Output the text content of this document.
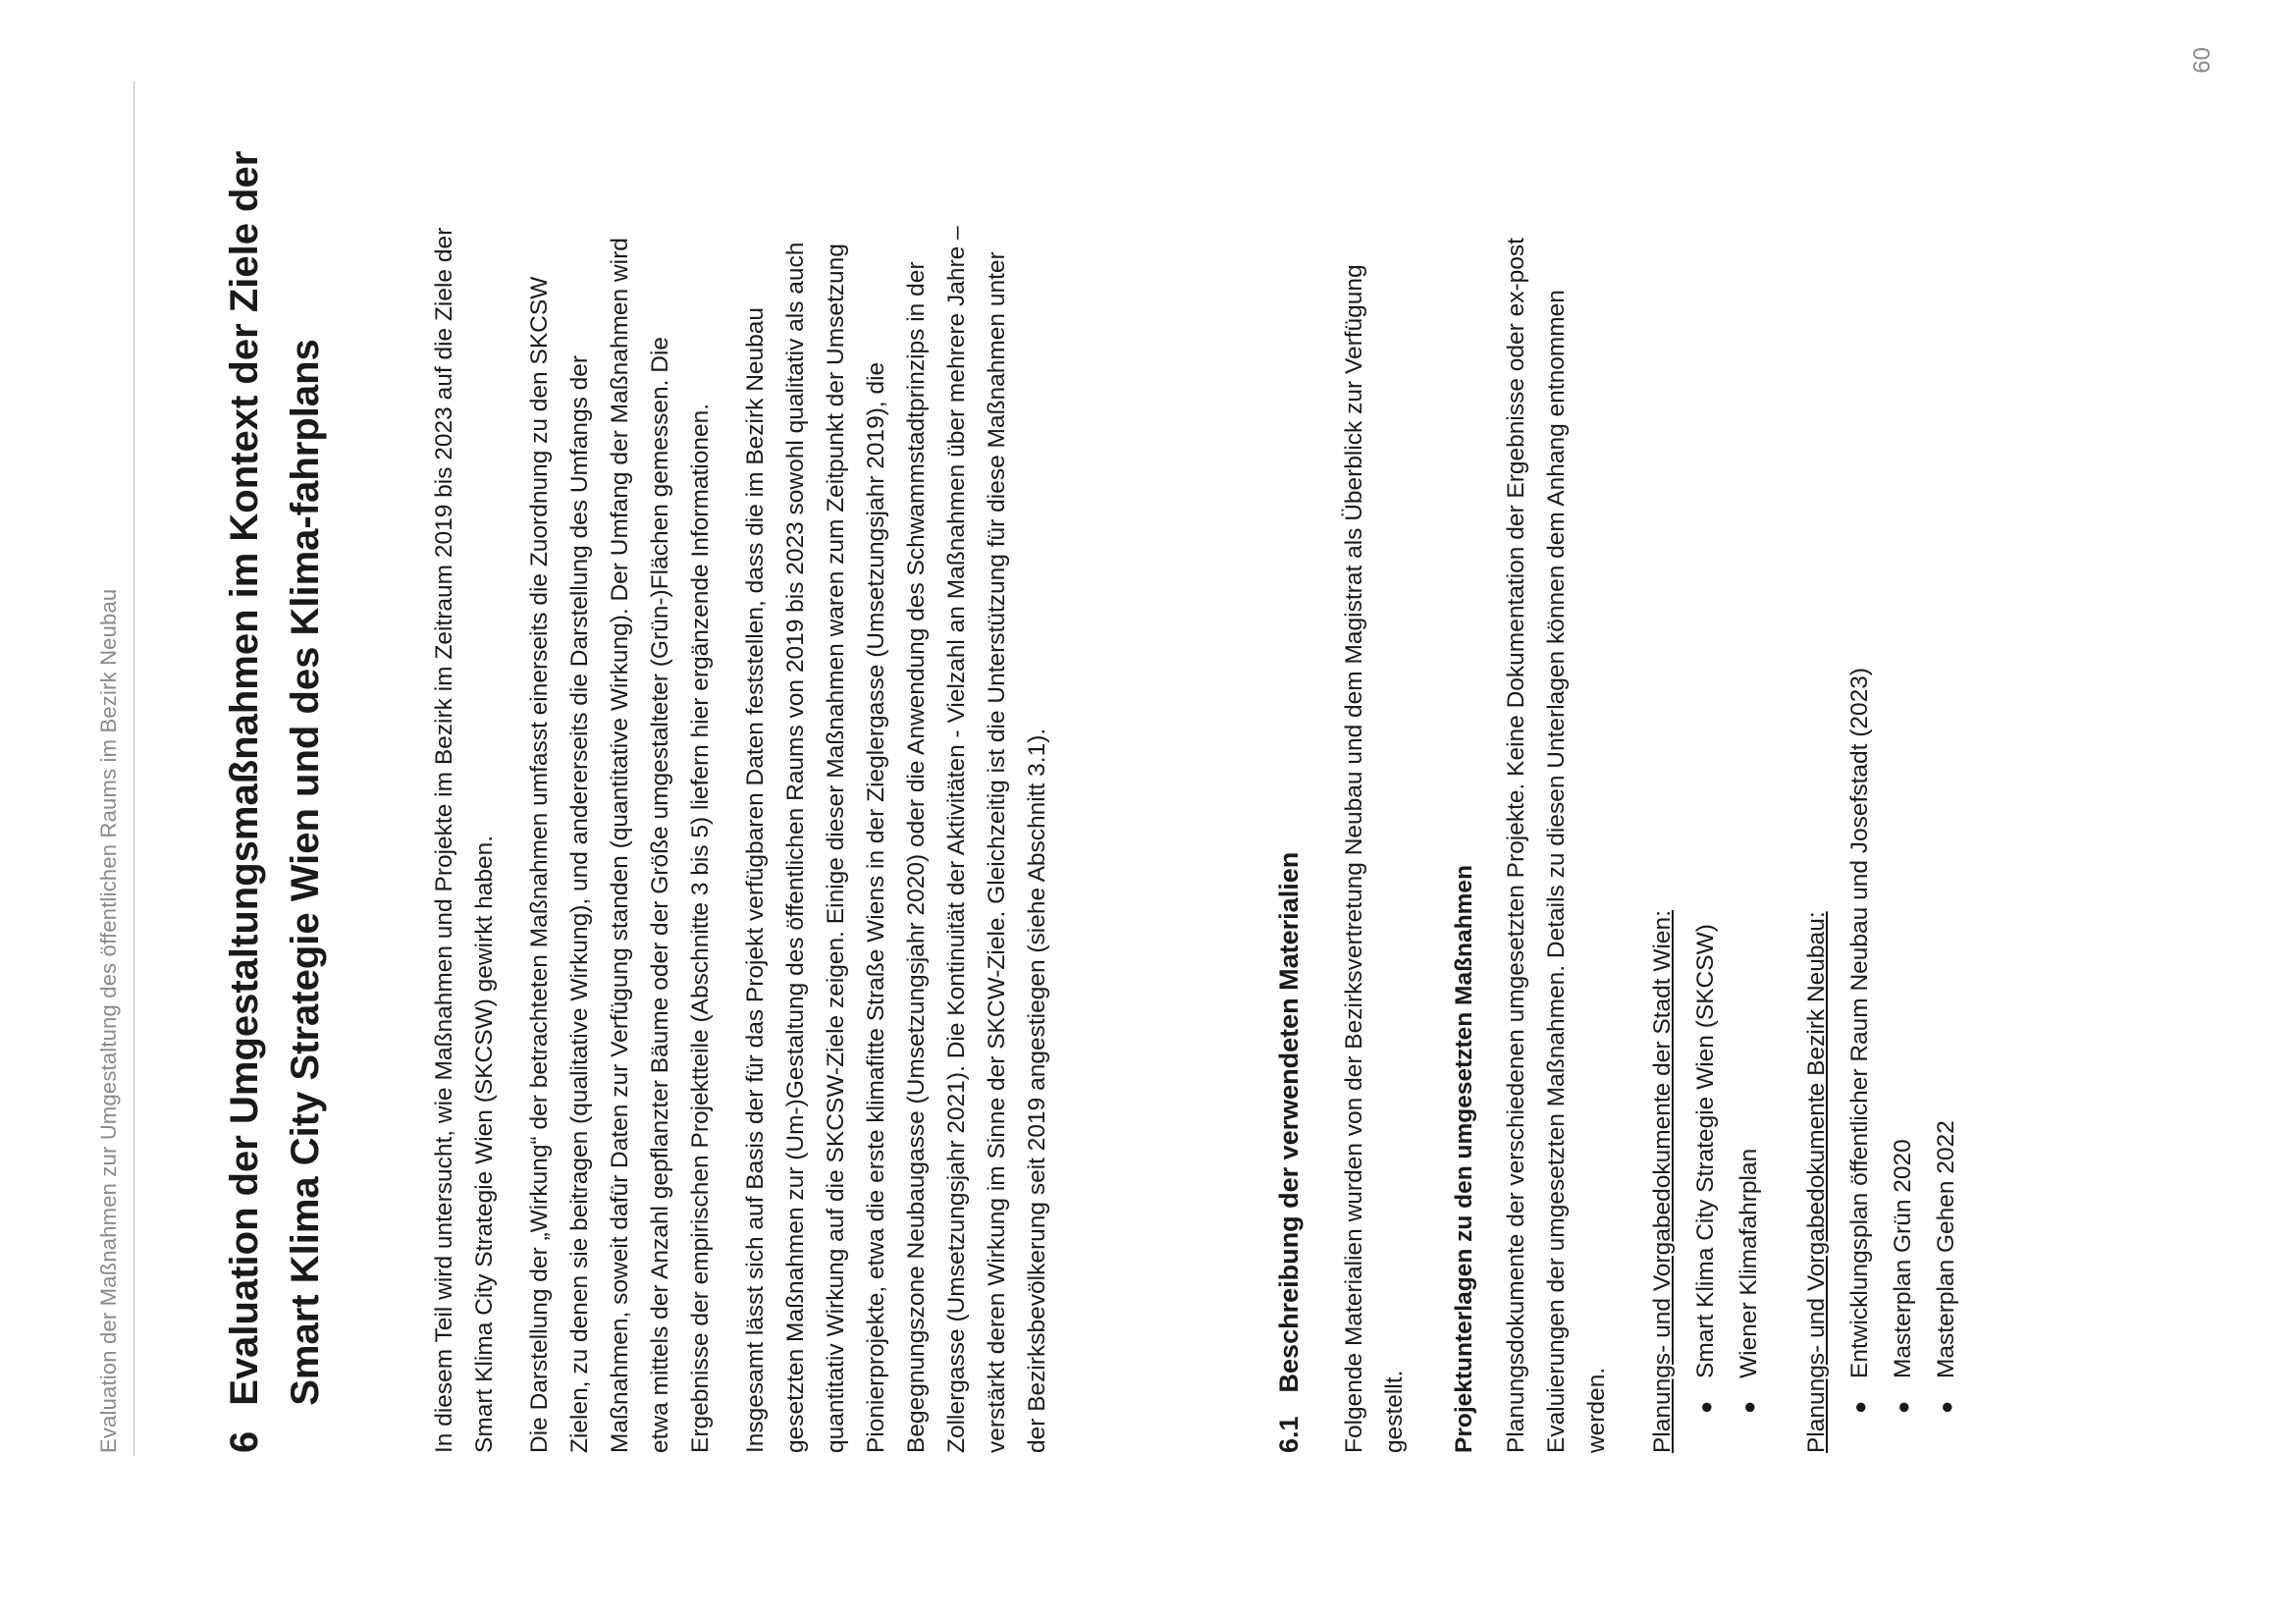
Evaluation der Maßnahmen zur Umgestaltung des öffentlichen Raums im Bezirk Neubau	6
Evaluation der Umgestaltungsmaßnahmen im Kontext der Ziele der Smart Klima City Strategie Wien und des Klima-fahrplans	In diesem Teil wird untersucht, wie Maßnahmen und Projekte im Bezirk im Zeitraum 2019 bis 2023 auf die Ziele der Smart Klima City Strategie Wien (SKCSW) gewirkt haben. Die Darstellung der „Wirkung“ der betrachteten Maßnahmen umfasst einerseits die Zuordnung zu den SKCSW Zielen, zu denen sie beitragen (qualitative Wirkung), und andererseits die Darstellung des Umfangs der Maßnahmen, soweit dafür Daten zur Verfügung standen (quantitative Wirkung). Der Umfang der Maßnahmen wird etwa mittels der Anzahl gepflanzter Bäume oder der Größe umgestalteter (Grün-)Flächen gemessen. Die Ergebnisse der empirischen Projektteile (Abschnitte 3 bis 5) liefern hier ergänzende Informationen. Insgesamt lässt sich auf Basis der für das Projekt verfügbaren Daten feststellen, dass die im Bezirk Neubau gesetzten Maßnahmen zur (Um-)Gestaltung des öffentlichen Raums von 2019 bis 2023 sowohl qualitativ als auch quantitativ Wirkung auf die SKCSW-Ziele zeigen. Einige dieser Maßnahmen waren zum Zeitpunkt der Umsetzung Pionierprojekte, etwa die erste klimafitte Straße Wiens in der Zieglergasse (Umsetzungsjahr 2019), die Begegnungszone Neubaugasse (Umsetzungsjahr 2020) oder die Anwendung des Schwammstadtprinzips in der Zollergasse (Umsetzungsjahr 2021). Die Kontinuität der Aktivitäten - Vielzahl an Maßnahmen über mehrere Jahre – verstärkt deren Wirkung im Sinne der SKCW-Ziele. Gleichzeitig ist die Unterstützung für diese Maßnahmen unter der Bezirksbevölkerung seit 2019 angestiegen (siehe Abschnitt 3.1).	6.1
Beschreibung der verwendeten Materialien Folgende Materialien wurden von der Bezirksvertretung Neubau und dem Magistrat als Überblick zur Verfügung gestellt. Projektunterlagen zu den umgesetzten Maßnahmen Planungsdokumente der verschiedenen umgesetzten Projekte. Keine Dokumentation der Ergebnisse oder ex-post Evaluierungen der umgesetzten Maßnahmen. Details zu diesen Unterlagen können dem Anhang entnommen werden. Planungs- und Vorgabedokumente der Stadt Wien: ●
Smart Klima City Strategie Wien (SKCSW)
●
Wiener Klimafahrplan	Planungs- und Vorgabedokumente Bezirk Neubau: ●
Entwicklungsplan öffentlicher Raum Neubau und Josefstadt (2023)
●
Masterplan Grün 2020
●
Masterplan Gehen 2022
60
